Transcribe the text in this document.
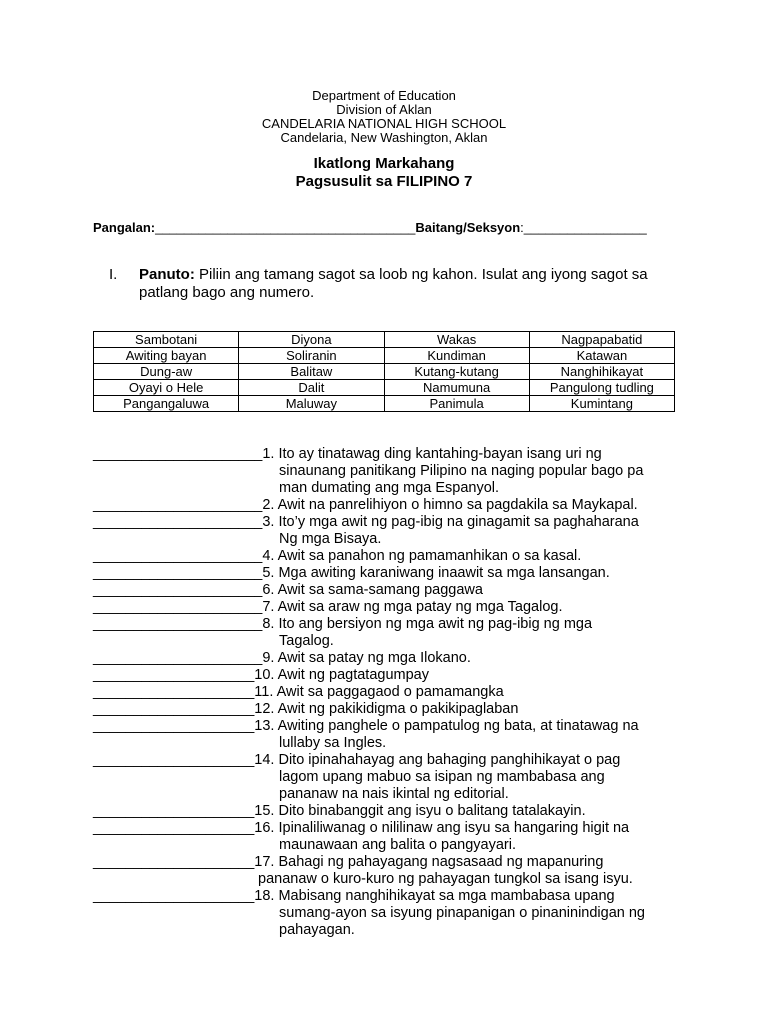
Department of Education
Division of Aklan
CANDELARIA NATIONAL HIGH SCHOOL
Candelaria, New Washington, Aklan
Ikatlong Markahang
Pagsusulit sa FILIPINO 7
Pangalan:____________________________________Baitang/Seksyon:_________________
I. Panuto: Piliin ang tamang sagot sa loob ng kahon. Isulat ang iyong sagot sa patlang bago ang numero.
Sambotani	Diyona	Wakas	Nagpapabatid
Awiting bayan	Soliranin	Kundiman	Katawan
Dung-aw	Balitaw	Kutang-kutang	Nanghihikayat
Oyayi o Hele	Dalit	Namumuna	Pangulong tudling
Pangangaluwa	Maluway	Panimula	Kumintang
_____________________1. Ito ay tinatawag ding kantahing-bayan isang uri ng
sinaunang panitikang Pilipino na naging popular bago pa
man dumating ang mga Espanyol.
_____________________2. Awit na panrelihiyon o himno sa pagdakila sa Maykapal.
_____________________3. Ito’y mga awit ng pag-ibig na ginagamit sa paghaharana
Ng mga Bisaya.
_____________________4. Awit sa panahon ng pamamanhikan o sa kasal.
_____________________5. Mga awiting karaniwang inaawit sa mga lansangan.
_____________________6. Awit sa sama-samang paggawa
_____________________7. Awit sa araw ng mga patay ng mga Tagalog.
_____________________8. Ito ang bersiyon ng mga awit ng pag-ibig ng mga
Tagalog.
_____________________9. Awit sa patay ng mga Ilokano.
____________________10. Awit ng pagtatagumpay
____________________11. Awit sa paggagaod o pamamangka
____________________12. Awit ng pakikidigma o pakikipaglaban
____________________13. Awiting panghele o pampatulog ng bata, at tinatawag na
lullaby sa Ingles.
____________________14. Dito ipinahahayag ang bahaging panghihikayat o pag
lagom upang mabuo sa isipan ng mambabasa ang
pananaw na nais ikintal ng editorial.
____________________15. Dito binabanggit ang isyu o balitang tatalakayin.
____________________16. Ipinaliliwanag o nililinaw ang isyu sa hangaring higit na
maunawaan ang balita o pangyayari.
____________________17. Bahagi ng pahayagang nagsasaad ng mapanuring
pananaw o kuro-kuro ng pahayagan tungkol sa isang isyu.
____________________18. Mabisang nanghihikayat sa mga mambabasa upang
sumang-ayon sa isyung pinapanigan o pinaninindigan ng
pahayagan.
